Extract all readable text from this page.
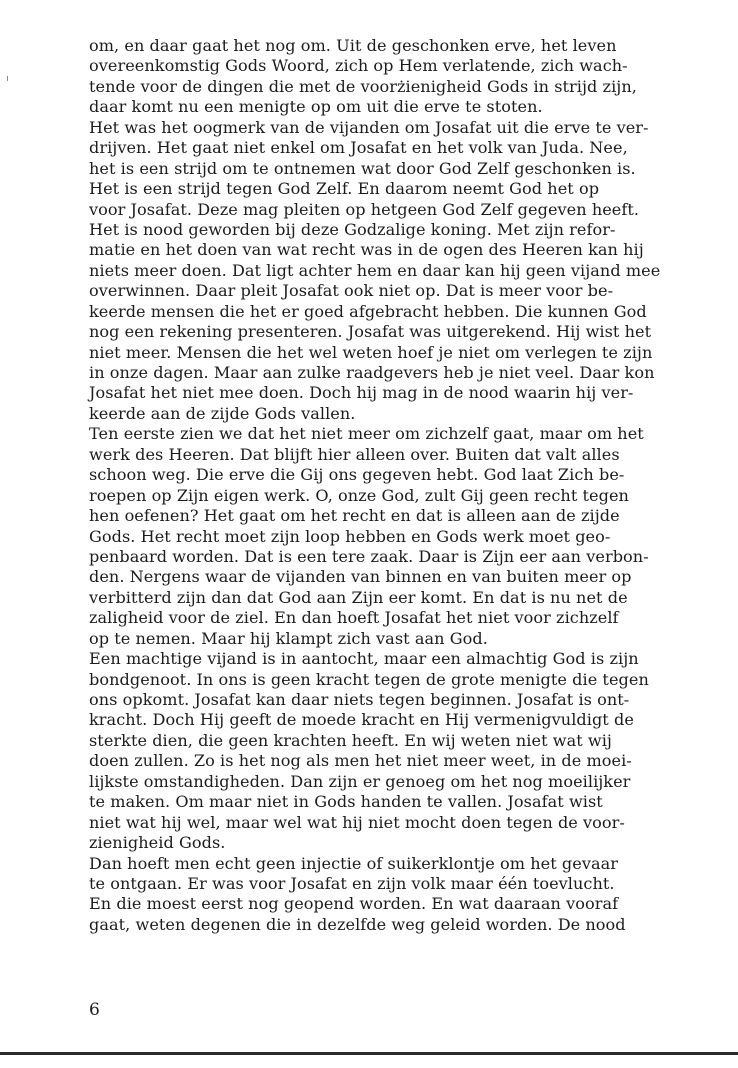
om, en daar gaat het nog om. Uit de geschonken erve, het leven
overeenkomstig Gods Woord, zich op Hem verlatende, zich wach-
tende voor de dingen die met de voorżienigheid Gods in strijd zijn,
daar komt nu een menigte op om uit die erve te stoten.
Het was het oogmerk van de vijanden om Josafat uit die erve te ver-
drijven. Het gaat niet enkel om Josafat en het volk van Juda. Nee,
het is een strijd om te ontnemen wat door God Zelf geschonken is.
Het is een strijd tegen God Zelf. En daarom neemt God het op
voor Josafat. Deze mag pleiten op hetgeen God Zelf gegeven heeft.
Het is nood geworden bij deze Godzalige koning. Met zijn refor-
matie en het doen van wat recht was in de ogen des Heeren kan hij
niets meer doen. Dat ligt achter hem en daar kan hij geen vijand mee
overwinnen. Daar pleit Josafat ook niet op. Dat is meer voor be-
keerde mensen die het er goed afgebracht hebben. Die kunnen God
nog een rekening presenteren. Josafat was uitgerekend. Hij wist het
niet meer. Mensen die het wel weten hoef je niet om verlegen te zijn
in onze dagen. Maar aan zulke raadgevers heb je niet veel. Daar kon
Josafat het niet mee doen. Doch hij mag in de nood waarin hij ver-
keerde aan de zijde Gods vallen.
Ten eerste zien we dat het niet meer om zichzelf gaat, maar om het
werk des Heeren. Dat blijft hier alleen over. Buiten dat valt alles
schoon weg. Die erve die Gij ons gegeven hebt. God laat Zich be-
roepen op Zijn eigen werk. O, onze God, zult Gij geen recht tegen
hen oefenen? Het gaat om het recht en dat is alleen aan de zijde
Gods. Het recht moet zijn loop hebben en Gods werk moet geo-
penbaard worden. Dat is een tere zaak. Daar is Zijn eer aan verbon-
den. Nergens waar de vijanden van binnen en van buiten meer op
verbitterd zijn dan dat God aan Zijn eer komt. En dat is nu net de
zaligheid voor de ziel. En dan hoeft Josafat het niet voor zichzelf
op te nemen. Maar hij klampt zich vast aan God.
Een machtige vijand is in aantocht, maar een almachtig God is zijn
bondgenoot. In ons is geen kracht tegen de grote menigte die tegen
ons opkomt. Josafat kan daar niets tegen beginnen. Josafat is ont-
kracht. Doch Hij geeft de moede kracht en Hij vermenigvuldigt de
sterkte dien, die geen krachten heeft. En wij weten niet wat wij
doen zullen. Zo is het nog als men het niet meer weet, in de moei-
lijkste omstandigheden. Dan zijn er genoeg om het nog moeilijker
te maken. Om maar niet in Gods handen te vallen. Josafat wist
niet wat hij wel, maar wel wat hij niet mocht doen tegen de voor-
zienigheid Gods.
Dan hoeft men echt geen injectie of suikerklontje om het gevaar
te ontgaan. Er was voor Josafat en zijn volk maar één toevlucht.
En die moest eerst nog geopend worden. En wat daaraan vooraf
gaat, weten degenen die in dezelfde weg geleid worden. De nood
6
